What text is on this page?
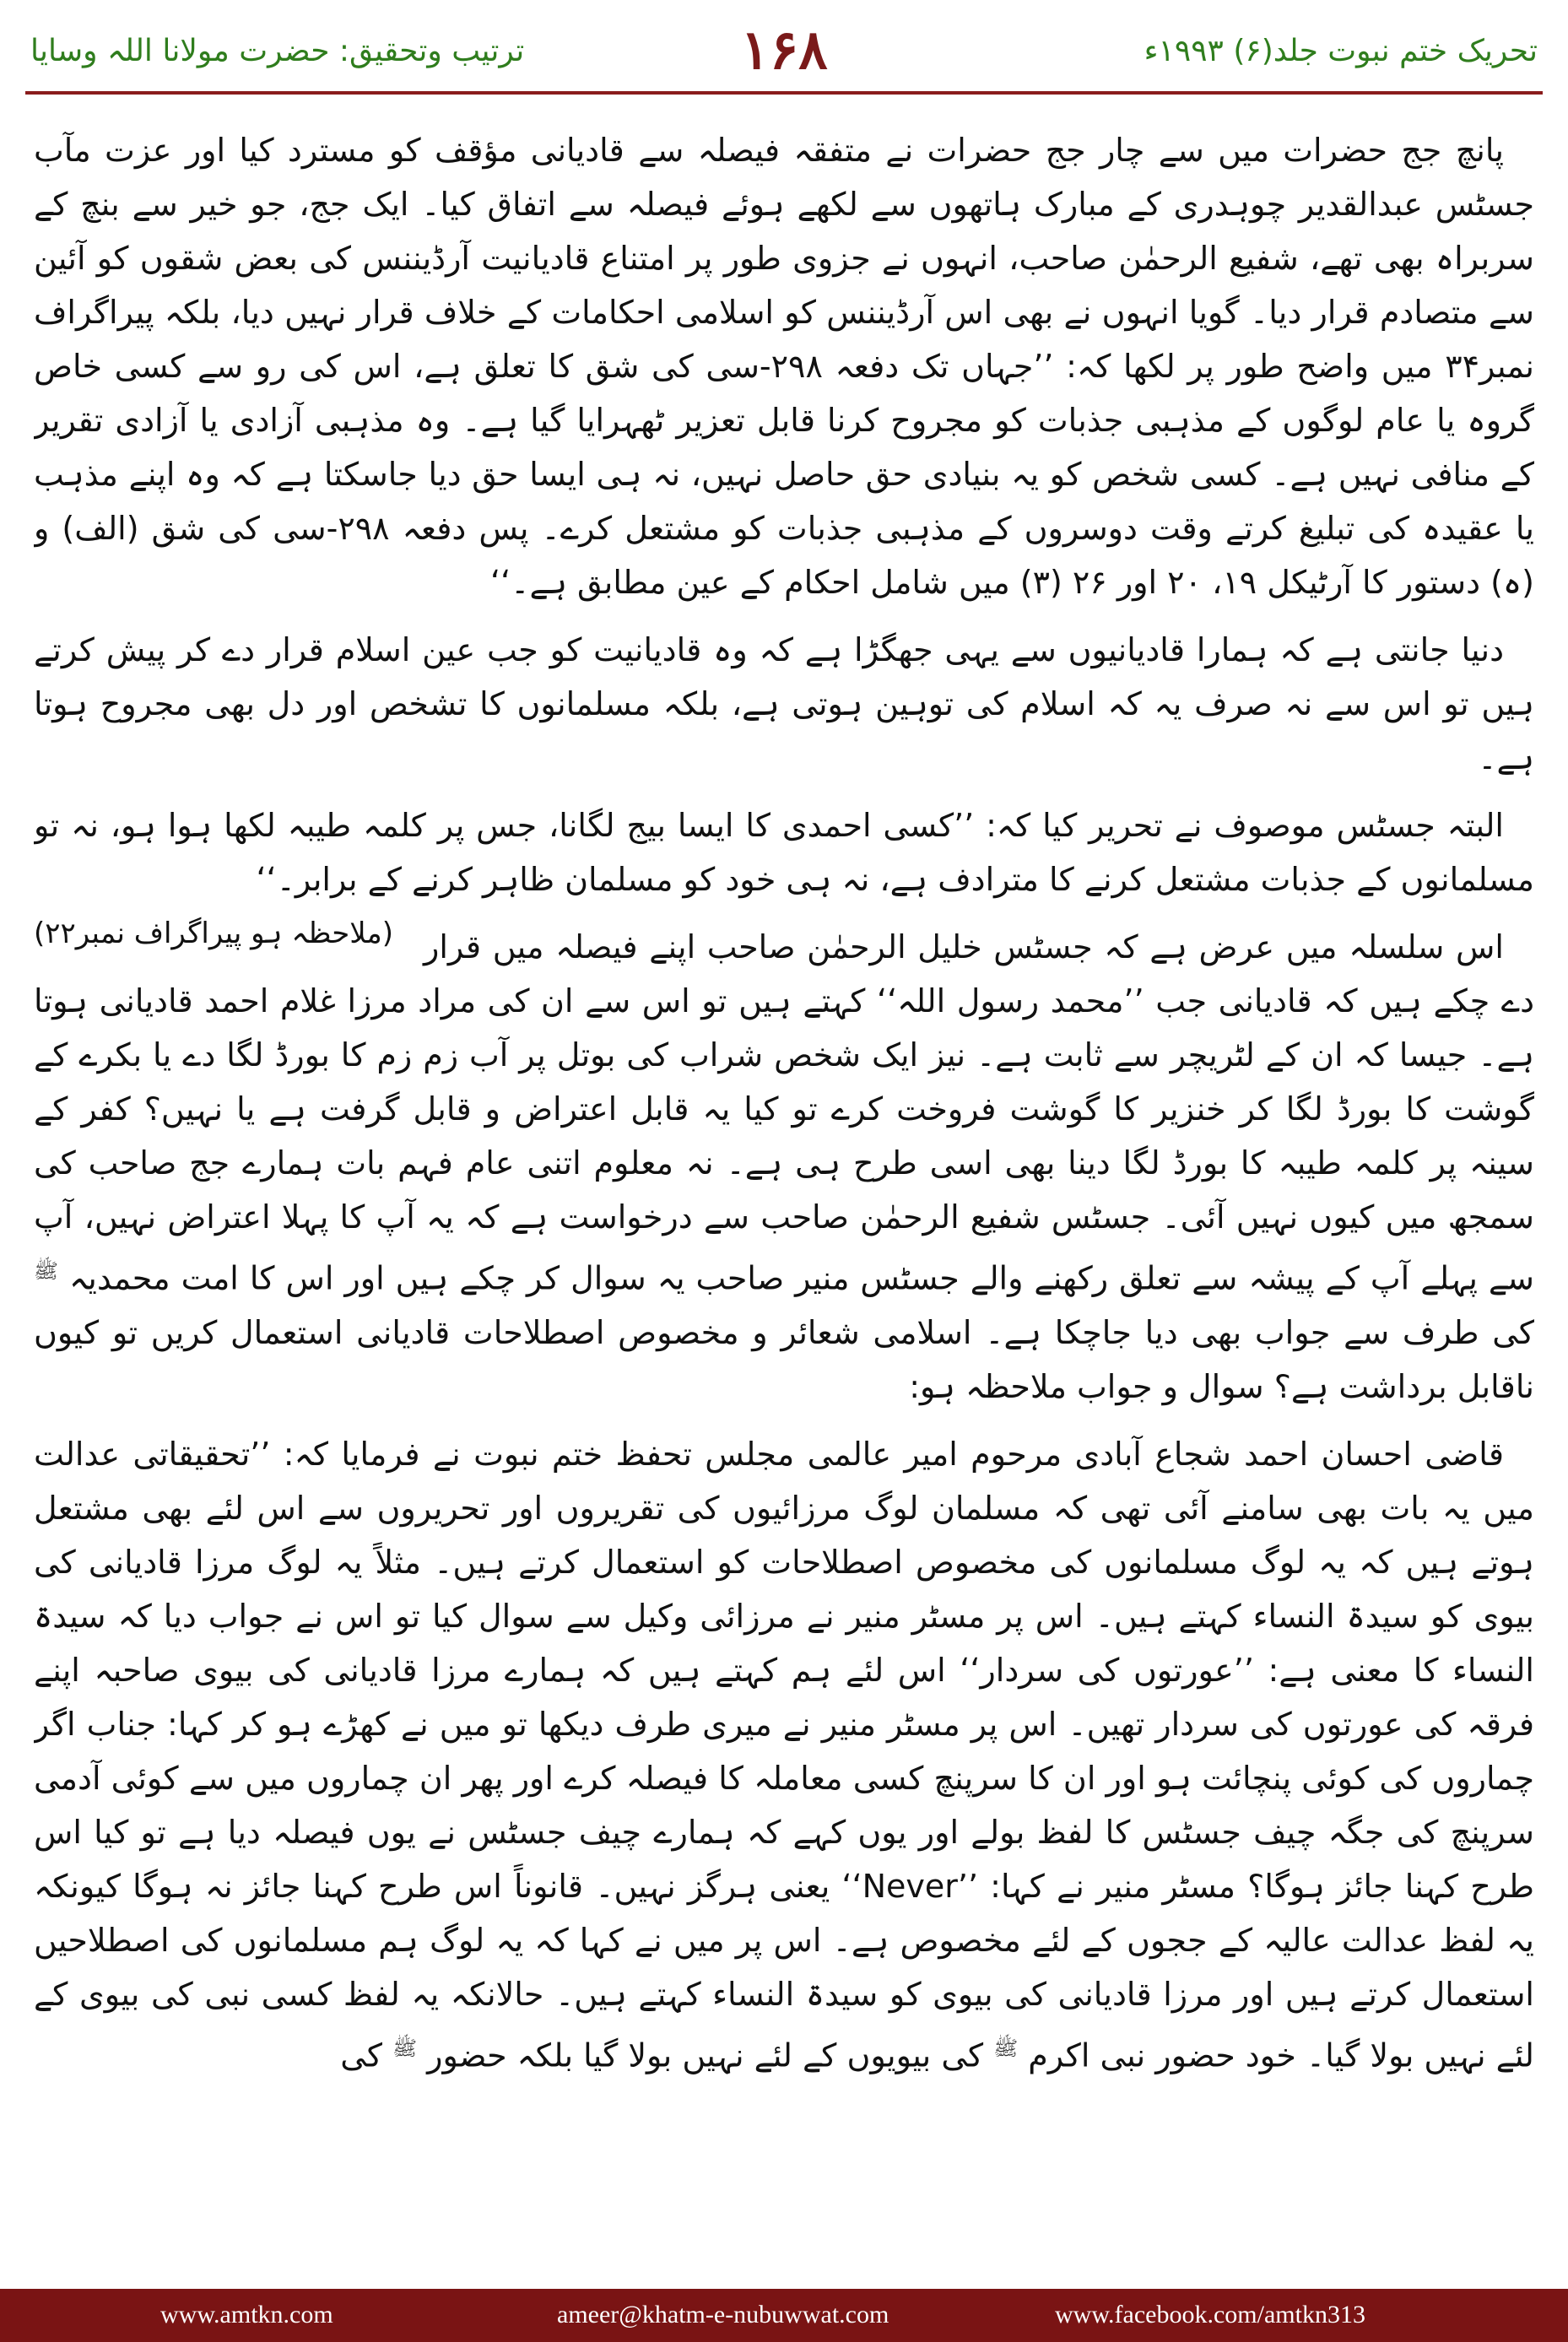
ترتیب وتحقیق: حضرت مولانا اللہ وسایا	۱۶۸	تحریک ختم نبوت جلد(۶) ۱۹۹۳ء

پانچ جج حضرات میں سے چار جج حضرات نے متفقہ فیصلہ سے قادیانی مؤقف کو مسترد کیا اور عزت مآب جسٹس عبدالقدیر چوہدری کے مبارک ہاتھوں سے لکھے ہوئے فیصلہ سے اتفاق کیا۔ ایک جج، جو خیر سے بنچ کے سربراہ بھی تھے، شفیع الرحمٰن صاحب، انہوں نے جزوی طور پر امتناع قادیانیت آرڈیننس کی بعض شقوں کو آئین سے متصادم قرار دیا۔ گویا انہوں نے بھی اس آرڈیننس کو اسلامی احکامات کے خلاف قرار نہیں دیا، بلکہ پیراگراف نمبر۳۴ میں واضح طور پر لکھا کہ: ’’جہاں تک دفعہ ۲۹۸-سی کی شق کا تعلق ہے، اس کی رو سے کسی خاص گروہ یا عام لوگوں کے مذہبی جذبات کو مجروح کرنا قابل تعزیر ٹھہرایا گیا ہے۔ وہ مذہبی آزادی یا آزادی تقریر کے منافی نہیں ہے۔ کسی شخص کو یہ بنیادی حق حاصل نہیں، نہ ہی ایسا حق دیا جاسکتا ہے کہ وہ اپنے مذہب یا عقیدہ کی تبلیغ کرتے وقت دوسروں کے مذہبی جذبات کو مشتعل کرے۔ پس دفعہ ۲۹۸-سی کی شق (الف) و (ہ) دستور کا آرٹیکل ۱۹، ۲۰ اور ۲۶ (۳) میں شامل احکام کے عین مطابق ہے۔‘‘

دنیا جانتی ہے کہ ہمارا قادیانیوں سے یہی جھگڑا ہے کہ وہ قادیانیت کو جب عین اسلام قرار دے کر پیش کرتے ہیں تو اس سے نہ صرف یہ کہ اسلام کی توہین ہوتی ہے، بلکہ مسلمانوں کا تشخص اور دل بھی مجروح ہوتا ہے۔

البتہ جسٹس موصوف نے تحریر کیا کہ: ’’کسی احمدی کا ایسا بیج لگانا، جس پر کلمہ طیبہ لکھا ہوا ہو، نہ تو مسلمانوں کے جذبات مشتعل کرنے کا مترادف ہے، نہ ہی خود کو مسلمان ظاہر کرنے کے برابر۔‘‘
(ملاحظہ ہو پیراگراف نمبر۲۲) اس سلسلہ میں عرض ہے کہ جسٹس خلیل الرحمٰن صاحب اپنے فیصلہ میں قرار دے چکے ہیں کہ قادیانی جب ’’محمد رسول اللہ‘‘ کہتے ہیں تو اس سے ان کی مراد مرزا غلام احمد قادیانی ہوتا ہے۔ جیسا کہ ان کے لٹریچر سے ثابت ہے۔ نیز ایک شخص شراب کی بوتل پر آب زم زم کا بورڈ لگا دے یا بکرے کے گوشت کا بورڈ لگا کر خنزیر کا گوشت فروخت کرے تو کیا یہ قابل اعتراض و قابل گرفت ہے یا نہیں؟ کفر کے سینہ پر کلمہ طیبہ کا بورڈ لگا دینا بھی اسی طرح ہی ہے۔ نہ معلوم اتنی عام فہم بات ہمارے جج صاحب کی سمجھ میں کیوں نہیں آئی۔ جسٹس شفیع الرحمٰن صاحب سے درخواست ہے کہ یہ آپ کا پہلا اعتراض نہیں، آپ سے پہلے آپ کے پیشہ سے تعلق رکھنے والے جسٹس منیر صاحب یہ سوال کر چکے ہیں اور اس کا امت محمدیہ $^ﷺ$ کی طرف سے جواب بھی دیا جاچکا ہے۔ اسلامی شعائر و مخصوص اصطلاحات قادیانی استعمال کریں تو کیوں ناقابل برداشت ہے؟ سوال و جواب ملاحظہ ہو:

قاضی احسان احمد شجاع آبادی مرحوم امیر عالمی مجلس تحفظ ختم نبوت نے فرمایا کہ: ’’تحقیقاتی عدالت میں یہ بات بھی سامنے آئی تھی کہ مسلمان لوگ مرزائیوں کی تقریروں اور تحریروں سے اس لئے بھی مشتعل ہوتے ہیں کہ یہ لوگ مسلمانوں کی مخصوص اصطلاحات کو استعمال کرتے ہیں۔ مثلاً یہ لوگ مرزا قادیانی کی بیوی کو سیدۃ النساء کہتے ہیں۔ اس پر مسٹر منیر نے مرزائی وکیل سے سوال کیا تو اس نے جواب دیا کہ سیدۃ النساء کا معنی ہے: ’’عورتوں کی سردار‘‘ اس لئے ہم کہتے ہیں کہ ہمارے مرزا قادیانی کی بیوی صاحبہ اپنے فرقہ کی عورتوں کی سردار تھیں۔ اس پر مسٹر منیر نے میری طرف دیکھا تو میں نے کھڑے ہو کر کہا: جناب اگر چماروں کی کوئی پنچائت ہو اور ان کا سرپنچ کسی معاملہ کا فیصلہ کرے اور پھر ان چماروں میں سے کوئی آدمی سرپنچ کی جگہ چیف جسٹس کا لفظ بولے اور یوں کہے کہ ہمارے چیف جسٹس نے یوں فیصلہ دیا ہے تو کیا اس طرح کہنا جائز ہوگا؟ مسٹر منیر نے کہا: ’’Never‘‘ یعنی ہرگز نہیں۔ قانوناً اس طرح کہنا جائز نہ ہوگا کیونکہ یہ لفظ عدالت عالیہ کے ججوں کے لئے مخصوص ہے۔ اس پر میں نے کہا کہ یہ لوگ ہم مسلمانوں کی اصطلاحیں استعمال کرتے ہیں اور مرزا قادیانی کی بیوی کو سیدۃ النساء کہتے ہیں۔ حالانکہ یہ لفظ کسی نبی کی بیوی کے لئے نہیں بولا گیا۔ خود حضور نبی اکرم $^ﷺ$ کی بیویوں کے لئے نہیں بولا گیا بلکہ حضور $^ﷺ$ کی

www.amtkn.com	ameer@khatm-e-nubuwwat.com	www.facebook.com/amtkn313
